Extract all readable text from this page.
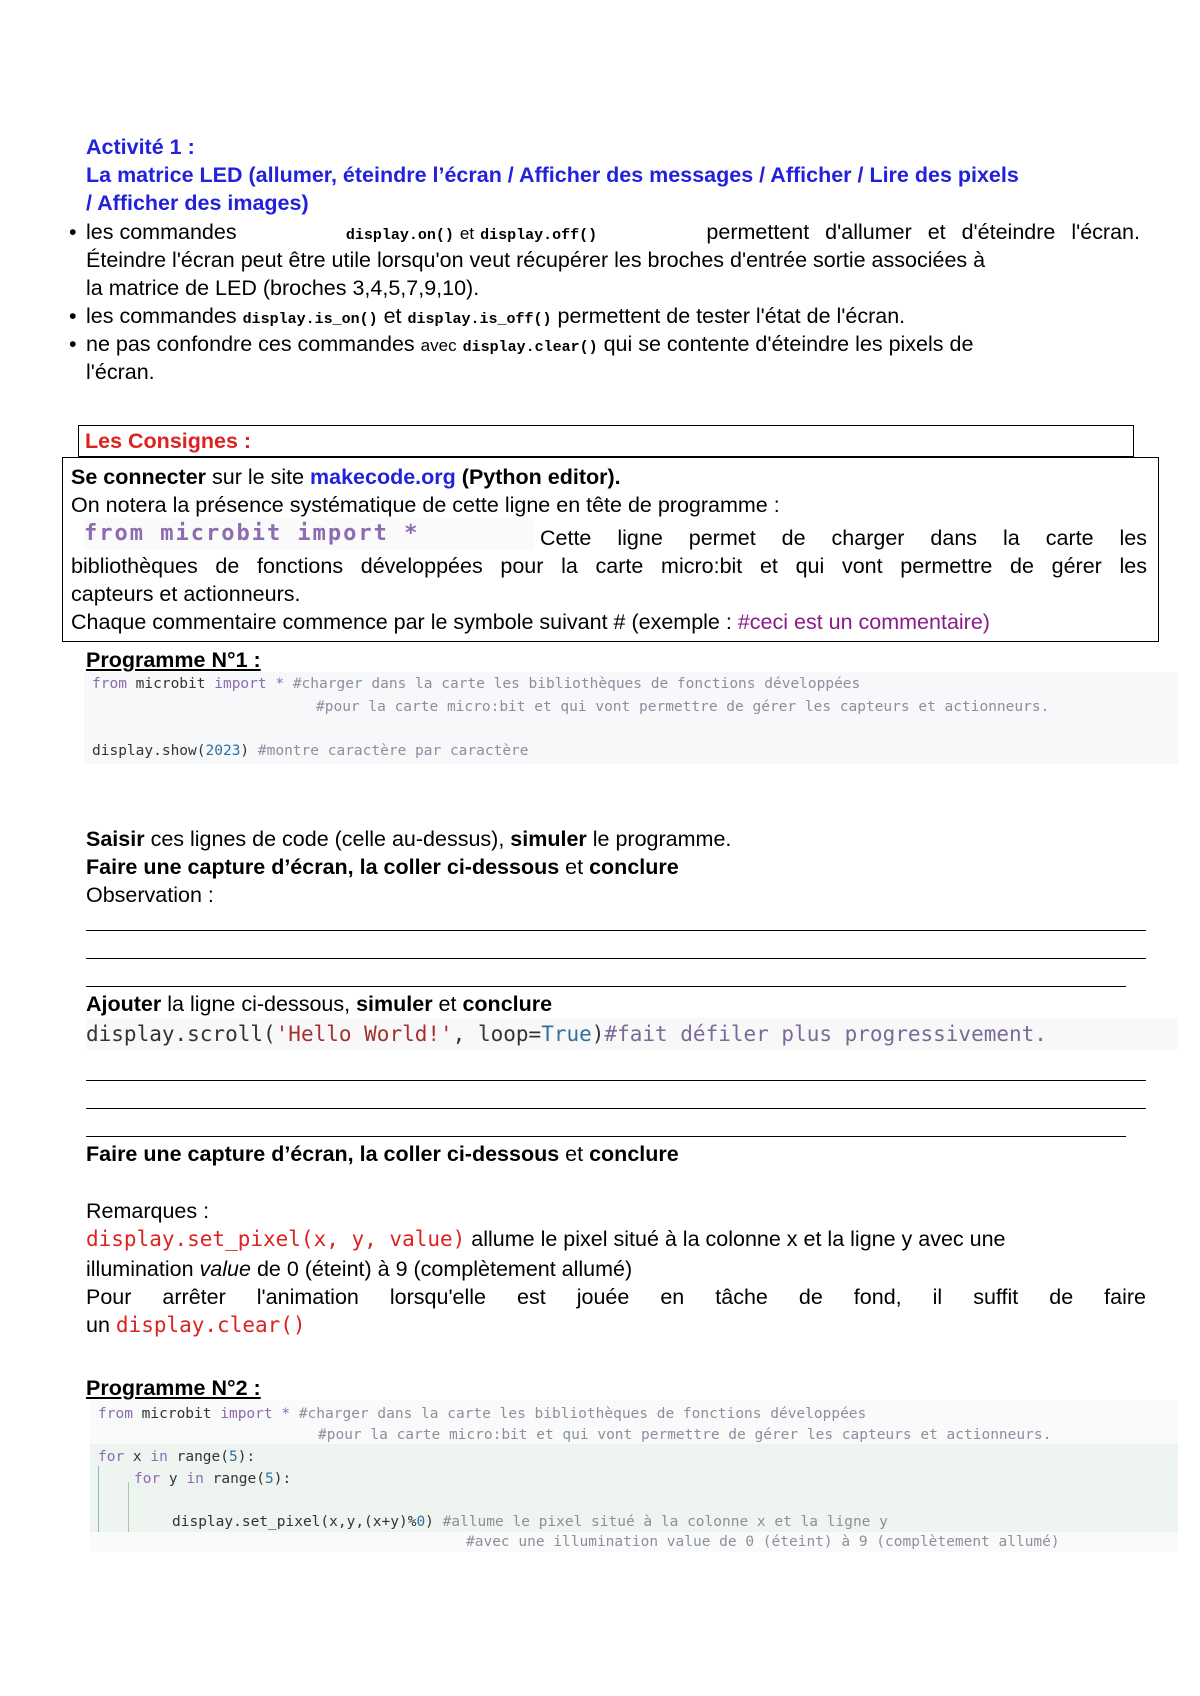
Activité 1 :
La matrice LED (allumer, éteindre l’écran / Afficher des messages / Afficher / Lire des pixels
/ Afficher des images)
• les commandes	display.on() et display.off()	permettent d'allumer et d'éteindre l'écran.
Éteindre l'écran peut être utile lorsqu'on veut récupérer les broches d'entrée sortie associées à
la matrice de LED (broches 3,4,5,7,9,10).
• les commandes display.is_on() et display.is_off() permettent de tester l'état de l'écran.
• ne pas confondre ces commandes avec display.clear() qui se contente d'éteindre les pixels de
l'écran.
Les Consignes :
Se connecter sur le site makecode.org (Python editor).
On notera la présence systématique de cette ligne en tête de programme :
from microbit import *	Cette ligne permet de charger dans la carte les
bibliothèques de fonctions développées pour la carte micro:bit et qui vont permettre de gérer les
capteurs et actionneurs.
Chaque commentaire commence par le symbole suivant # (exemple : #ceci est un commentaire)
Programme N°1 :
from microbit import * #charger dans la carte les bibliothèques de fonctions développées
#pour la carte micro:bit et qui vont permettre de gérer les capteurs et actionneurs.
display.show(2023) #montre caractère par caractère
Saisir ces lignes de code (celle au-dessus), simuler le programme.
Faire une capture d’écran, la coller ci-dessous et conclure
Observation :
Ajouter la ligne ci-dessous, simuler et conclure
display.scroll('Hello World!', loop=True)#fait défiler plus progressivement.
Faire une capture d’écran, la coller ci-dessous et conclure
Remarques :
display.set_pixel(x, y, value) allume le pixel situé à la colonne x et la ligne y avec une
illumination value de 0 (éteint) à 9 (complètement allumé)
Pour arrêter l'animation lorsqu'elle est jouée en tâche de fond, il suffit de faire
un display.clear()
Programme N°2 :
from microbit import * #charger dans la carte les bibliothèques de fonctions développées
#pour la carte micro:bit et qui vont permettre de gérer les capteurs et actionneurs.
for x in range(5):
for y in range(5):
display.set_pixel(x,y,(x+y)%0) #allume le pixel situé à la colonne x et la ligne y
#avec une illumination value de 0 (éteint) à 9 (complètement allumé)
